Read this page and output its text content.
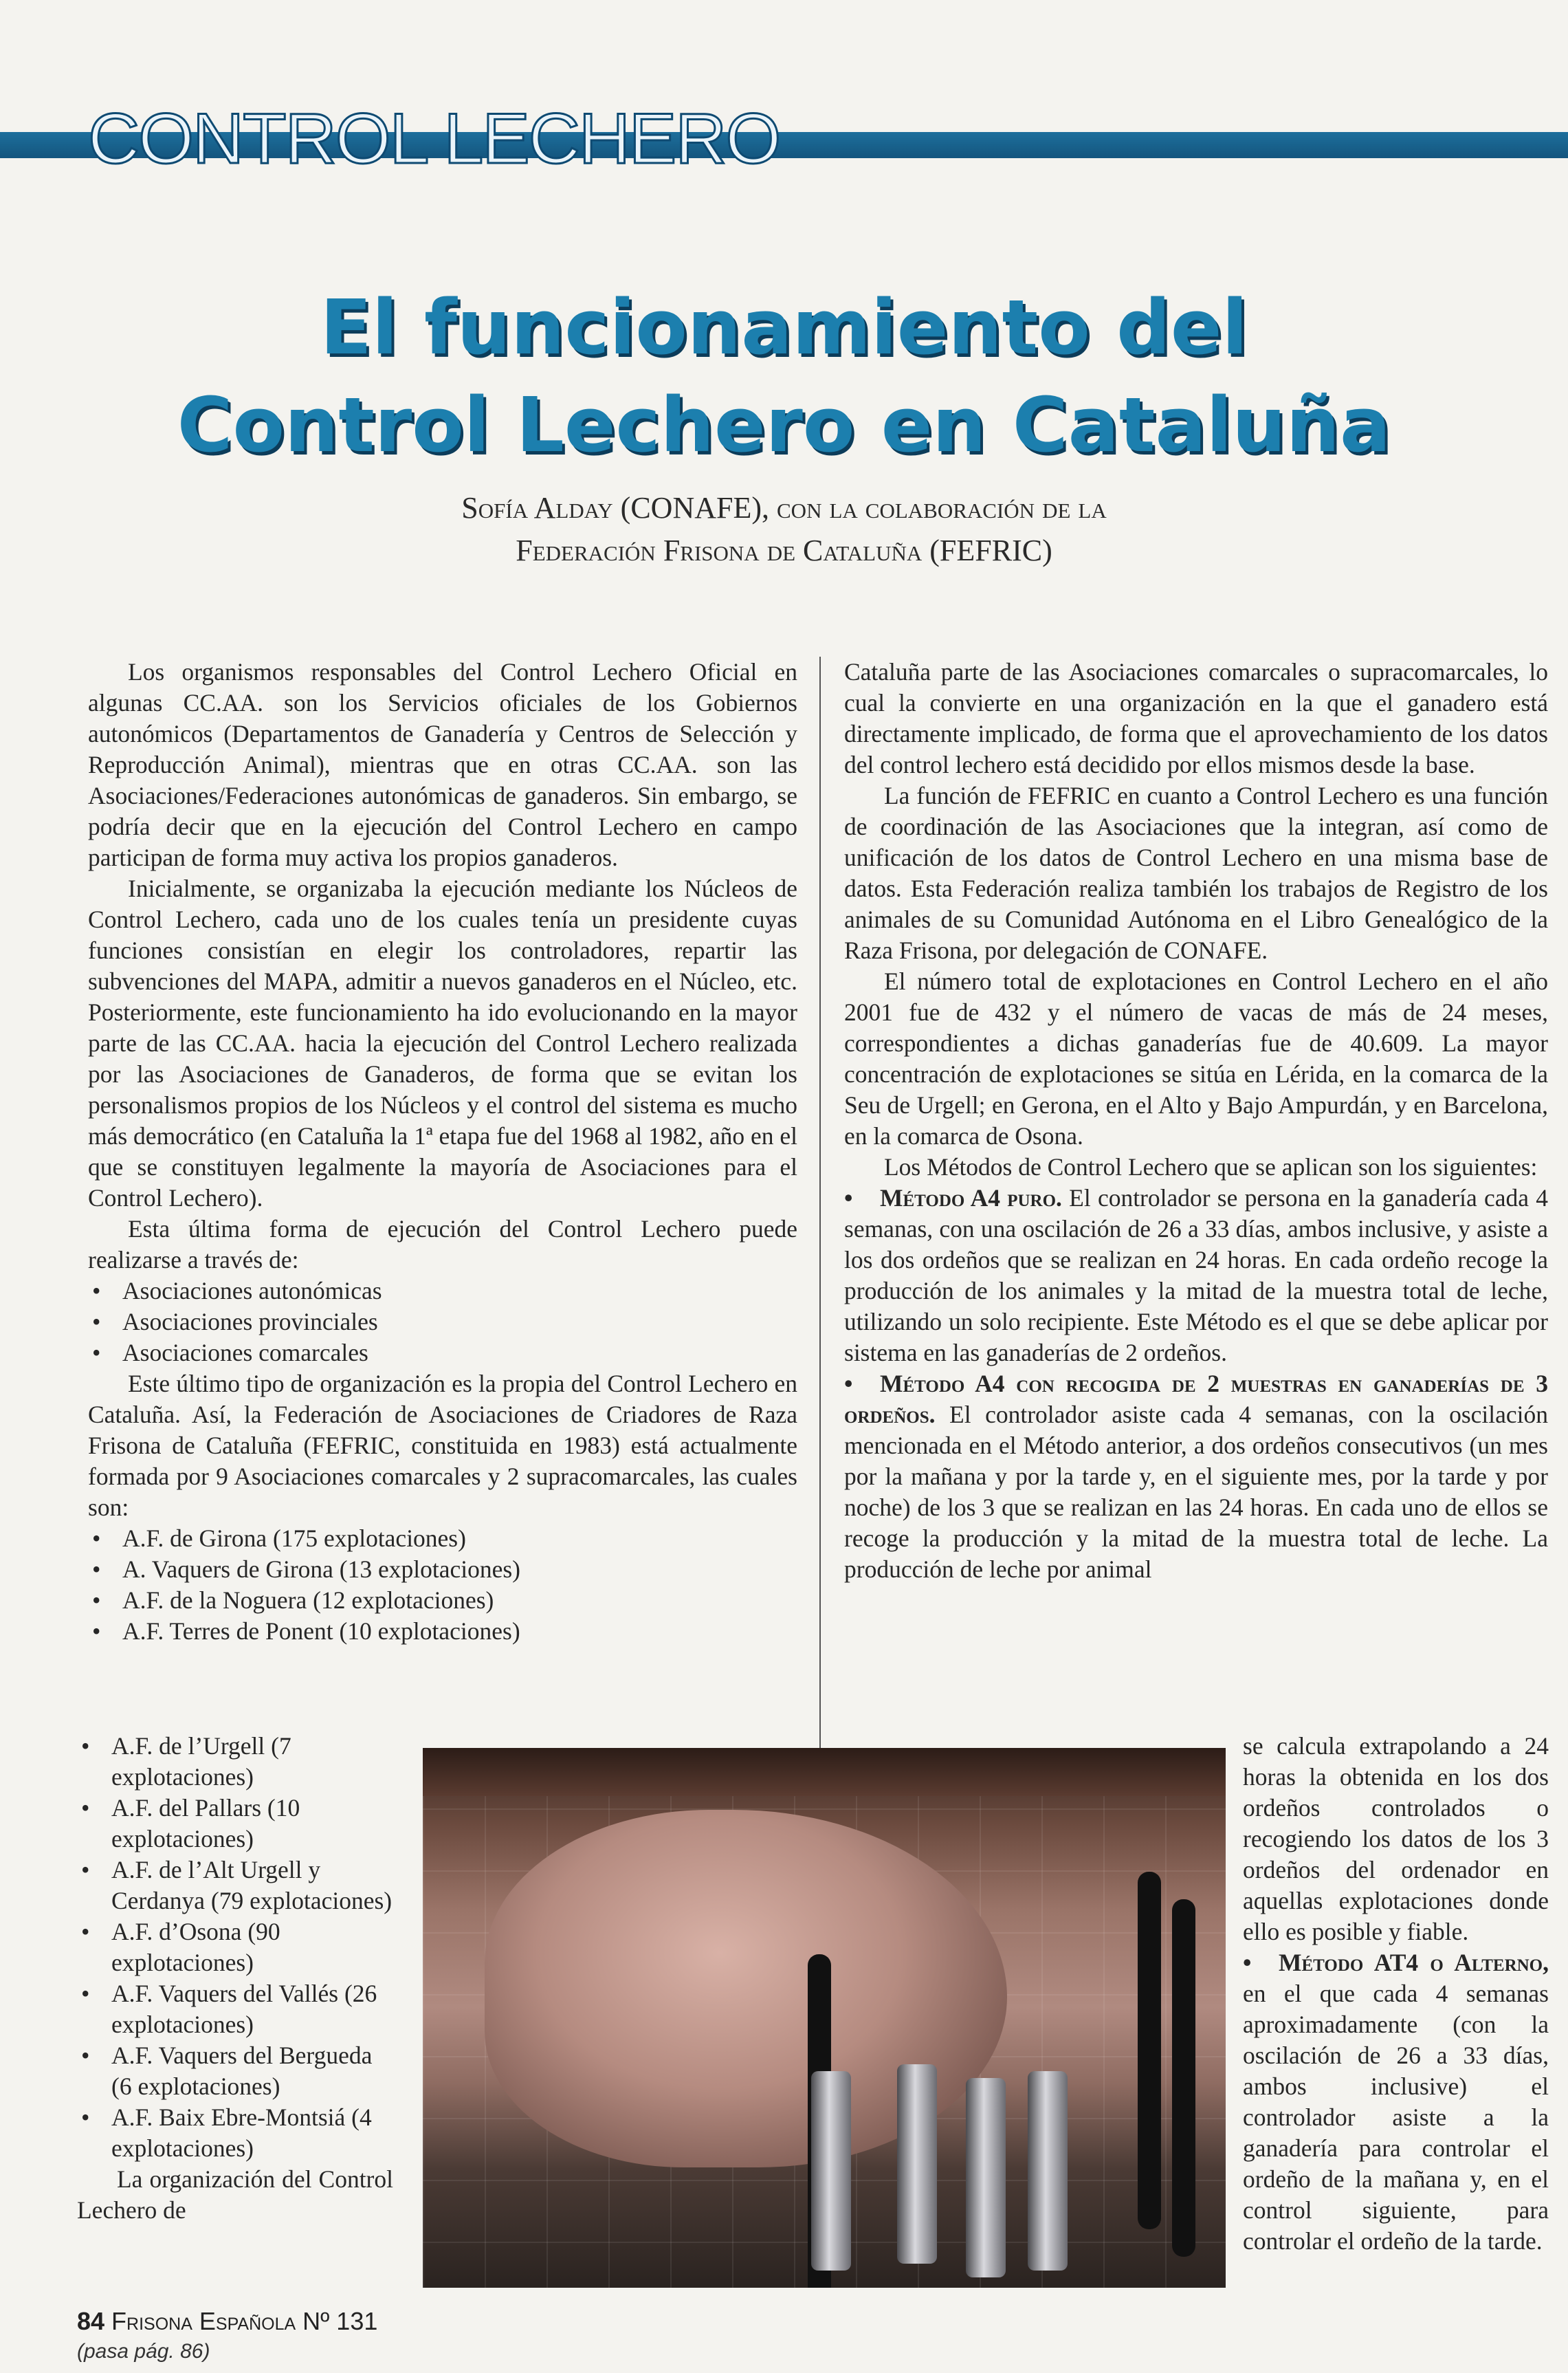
CONTROL LECHERO
El funcionamiento del
Control Lechero en Cataluña

Sofía Alday (CONAFE), con la colaboración de la
Federación Frisona de Cataluña (FEFRIC)

Los organismos responsables del Control Lechero Oficial en algunas CC.AA. son los Servicios oficiales de los Gobiernos autonómicos (Departamentos de Ganadería y Centros de Selección y Reproducción Animal), mientras que en otras CC.AA. son las Asociaciones/Federaciones autonómicas de ganaderos. Sin embargo, se podría decir que en la ejecución del Control Lechero en campo participan de forma muy activa los propios ganaderos.

Inicialmente, se organizaba la ejecución mediante los Núcleos de Control Lechero, cada uno de los cuales tenía un presidente cuyas funciones consistían en elegir los controladores, repartir las subvenciones del MAPA, admitir a nuevos ganaderos en el Núcleo, etc. Posteriormente, este funcionamiento ha ido evolucionando en la mayor parte de las CC.AA. hacia la ejecución del Control Lechero realizada por las Asociaciones de Ganaderos, de forma que se evitan los personalismos propios de los Núcleos y el control del sistema es mucho más democrático (en Cataluña la 1ª etapa fue del 1968 al 1982, año en el que se constituyen legalmente la mayoría de Asociaciones para el Control Lechero).

Esta última forma de ejecución del Control Lechero puede realizarse a través de:

• Asociaciones autonómicas
• Asociaciones provinciales
• Asociaciones comarcales

Este último tipo de organización es la propia del Control Lechero en Cataluña. Así, la Federación de Asociaciones de Criadores de Raza Frisona de Cataluña (FEFRIC, constituida en 1983) está actualmente formada por 9 Asociaciones comarcales y 2 supracomarcales, las cuales son:

• A.F. de Girona (175 explotaciones)
• A. Vaquers de Girona (13 explotaciones)
• A.F. de la Noguera (12 explotaciones)
• A.F. Terres de Ponent (10 explotaciones)
• A.F. de l’Urgell (7 explotaciones)
• A.F. del Pallars (10 explotaciones)
• A.F. de l’Alt Urgell y Cerdanya (79 explotaciones)
• A.F. d’Osona (90 explotaciones)
• A.F. Vaquers del Vallés (26 explotaciones)
• A.F. Vaquers del Bergueda (6 explotaciones)
• A.F. Baix Ebre-Montsiá (4 explotaciones)

La organización del Control Lechero de

Cataluña parte de las Asociaciones comarcales o supracomarcales, lo cual la convierte en una organización en la que el ganadero está directamente implicado, de forma que el aprovechamiento de los datos del control lechero está decidido por ellos mismos desde la base.

La función de FEFRIC en cuanto a Control Lechero es una función de coordinación de las Asociaciones que la integran, así como de unificación de los datos de Control Lechero en una misma base de datos. Esta Federación realiza también los trabajos de Registro de los animales de su Comunidad Autónoma en el Libro Genealógico de la Raza Frisona, por delegación de CONAFE.

El número total de explotaciones en Control Lechero en el año 2001 fue de 432 y el número de vacas de más de 24 meses, correspondientes a dichas ganaderías fue de 40.609. La mayor concentración de explotaciones se sitúa en Lérida, en la comarca de la Seu de Urgell; en Gerona, en el Alto y Bajo Ampurdán, y en Barcelona, en la comarca de Osona.

Los Métodos de Control Lechero que se aplican son los siguientes:

• Método A4 puro. El controlador se persona en la ganadería cada 4 semanas, con una oscilación de 26 a 33 días, ambos inclusive, y asiste a los dos ordeños que se realizan en 24 horas. En cada ordeño recoge la producción de los animales y la mitad de la muestra total de leche, utilizando un solo recipiente. Este Método es el que se debe aplicar por sistema en las ganaderías de 2 ordeños.

• Método A4 con recogida de 2 muestras en ganaderías de 3 ordeños. El controlador asiste cada 4 semanas, con la oscilación mencionada en el Método anterior, a dos ordeños consecutivos (un mes por la mañana y por la tarde y, en el siguiente mes, por la tarde y por noche) de los 3 que se realizan en las 24 horas. En cada uno de ellos se recoge la producción y la mitad de la muestra total de leche. La producción de leche por animal

se calcula extrapolando a 24 horas la obtenida en los dos ordeños controlados o recogiendo los datos de los 3 ordeños del ordenador en aquellas explotaciones donde ello es posible y fiable.

• Método AT4 o Alterno, en el que cada 4 semanas aproximadamente (con la oscilación de 26 a 33 días, ambos inclusive) el controlador asiste a la ganadería para controlar el ordeño de la mañana y, en el control siguiente, para controlar el ordeño de la tarde.

84 Frisona Española Nº 131
(pasa pág. 86)
